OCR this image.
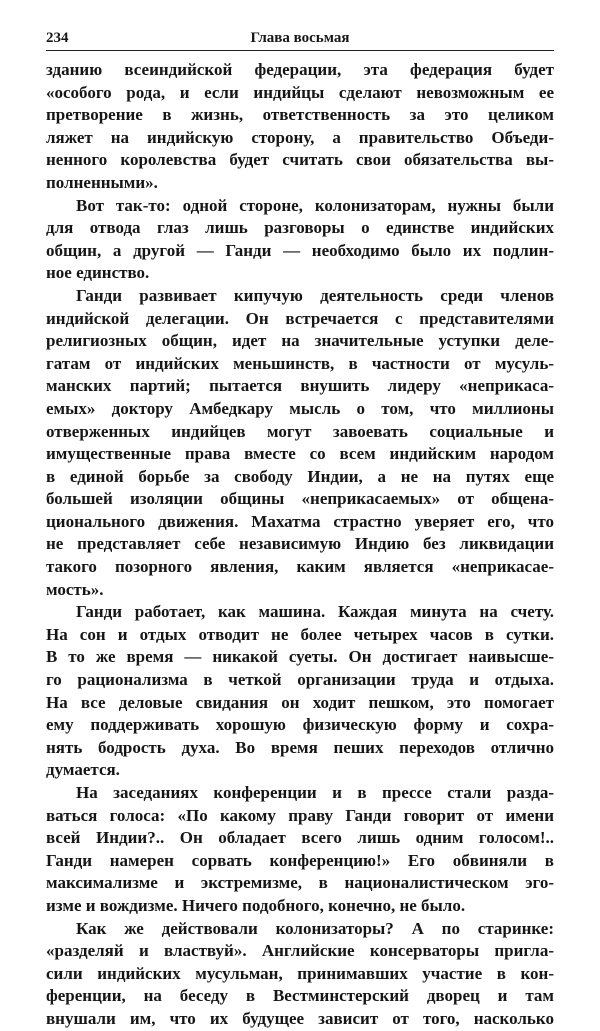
234	Глава восьмая

зданию всеиндийской федерации, эта федерация будет

«особого рода, и если индийцы сделают невозможным ее

претворение в жизнь, ответственность за это целиком

ляжет на индийскую сторону, а правительство Объеди-

ненного королевства будет считать свои обязательства вы-

полненными».

Вот так-то: одной стороне, колонизаторам, нужны были

для отвода глаз лишь разговоры о единстве индийских

общин, а другой — Ганди — необходимо было их подлин-

ное единство.

Ганди развивает кипучую деятельность среди членов

индийской делегации. Он встречается с представителями

религиозных общин, идет на значительные уступки деле-

гатам от индийских меньшинств, в частности от мусуль-

манских партий; пытается внушить лидеру «неприкаса-

емых» доктору Амбедкару мысль о том, что миллионы

отверженных индийцев могут завоевать социальные и

имущественные права вместе со всем индийским народом

в единой борьбе за свободу Индии, а не на путях еще

большей изоляции общины «неприкасаемых» от общена-

ционального движения. Махатма страстно уверяет его, что

не представляет себе независимую Индию без ликвидации

такого позорного явления, каким является «неприкасае-

мость».

Ганди работает, как машина. Каждая минута на счету.

На сон и отдых отводит не более четырех часов в сутки.

В то же время — никакой суеты. Он достигает наивысше-

го рационализма в четкой организации труда и отдыха.

На все деловые свидания он ходит пешком, это помогает

ему поддерживать хорошую физическую форму и сохра-

нять бодрость духа. Во время пеших переходов отлично

думается.

На заседаниях конференции и в прессе стали разда-

ваться голоса: «По какому праву Ганди говорит от имени

всей Индии?.. Он обладает всего лишь одним голосом!..

Ганди намерен сорвать конференцию!» Его обвиняли в

максимализме и экстремизме, в националистическом эго-

изме и вождизме. Ничего подобного, конечно, не было.

Как же действовали колонизаторы? А по старинке:

«разделяй и властвуй». Английские консерваторы пригла-

сили индийских мусульман, принимавших участие в кон-

ференции, на беседу в Вестминстерский дворец и там

внушали им, что их будущее зависит от того, насколько
